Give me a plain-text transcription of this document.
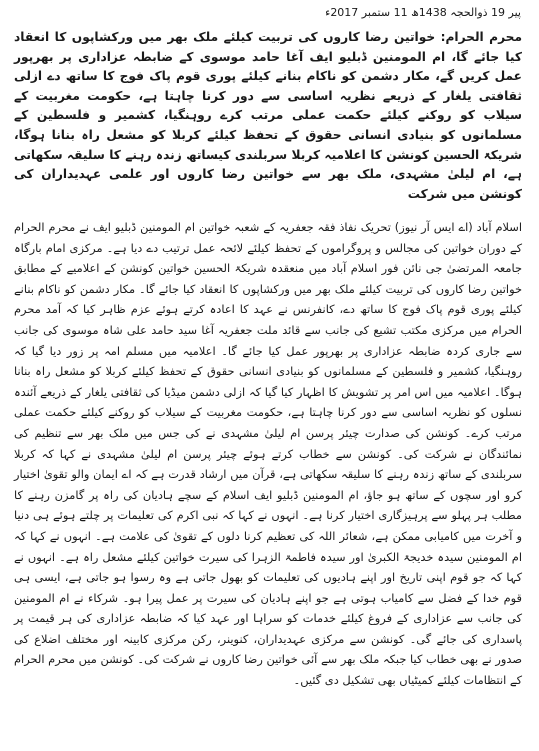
پیر 19 ذوالحجہ 1438ھ 11 ستمبر 2017ء
محرم الحرام: خواتین رضا کاروں کی تربیت کیلئے ملک بھر میں ورکشاپوں کا انعقاد کیا جائے گا، ام المومنین ڈبلیو ایف آغا حامد موسوی کے ضابطہ عزاداری پر بھرپور عمل کریں گے، مکار دشمن کو ناکام بنانے کیلئے پوری قوم پاک فوج کا ساتھ دے ازلی ثقافتی یلغار کے ذریعے نظریہ اساسی سے دور کرنا چاہتا ہے، حکومت مغربیت کے سیلاب کو روکنے کیلئے حکمت عملی مرتب کرے روہنگیا، کشمیر و فلسطین کے مسلمانوں کو بنیادی انسانی حقوق کے تحفظ کیلئے کربلا کو مشعل راہ بنانا ہوگا، شریکۃ الحسین کونشن کا اعلامیہ کربلا سربلندی کیساتھ زندہ رہنے کا سلیقہ سکھاتی ہے، ام لیلیٰ مشہدی، ملک بھر سے خواتین رضا کاروں اور علمی عہدیداران کی کونشن میں شرکت
اسلام آباد (اے ایس آر نیوز) تحریک نفاذ فقہ جعفریہ کے شعبہ خواتین ام المومنین ڈبلیو ایف نے محرم الحرام کے دوران خواتین کی مجالس و پروگراموں کے تحفظ کیلئے لائحہ عمل ترتیب دے دیا ہے۔ مرکزی امام بارگاہ جامعہ المرتضیٰ جی نائن فور اسلام آباد میں منعقدہ شریکۃ الحسین خواتین کونشن کے اعلامیے کے مطابق خواتین رضا کاروں کی تربیت کیلئے ملک بھر میں ورکشاپوں کا انعقاد کیا جائے گا۔ مکار دشمن کو ناکام بنانے کیلئے پوری قوم پاک فوج کا ساتھ دے، کانفرنس نے عہد کا اعادہ کرتے ہوئے عزم ظاہر کیا کہ آمد محرم الحرام میں مرکزی مکتب تشیع کی جانب سے قائد ملت جعفریہ آغا سید حامد علی شاہ موسوی کی جانب سے جاری کردہ ضابطہ عزاداری پر بھرپور عمل کیا جائے گا۔ اعلامیہ میں مسلم امہ پر زور دیا گیا کہ روہنگیا، کشمیر و فلسطین کے مسلمانوں کو بنیادی انسانی حقوق کے تحفظ کیلئے کربلا کو مشعل راہ بنانا ہوگا۔ اعلامیہ میں اس امر پر تشویش کا اظہار کیا گیا کہ ازلی دشمن میڈیا کی ثقافتی یلغار کے ذریعے آئندہ نسلوں کو نظریہ اساسی سے دور کرنا چاہتا ہے، حکومت مغربیت کے سیلاب کو روکنے کیلئے حکمت عملی مرتب کرے۔ کونشن کی صدارت چیئر پرسن ام لیلیٰ مشہدی نے کی جس میں ملک بھر سے تنظیم کی نمائندگان نے شرکت کی۔ کونشن سے خطاب کرتے ہوئے چیئر پرسن ام لیلیٰ مشہدی نے کہا کہ کربلا سربلندی کے ساتھ زندہ رہنے کا سلیقہ سکھاتی ہے، قرآن میں ارشاد قدرت ہے کہ اے ایمان والو تقویٰ اختیار کرو اور سچوں کے ساتھ ہو جاؤ، ام المومنین ڈبلیو ایف اسلام کے سچے ہادیان کی راہ پر گامزن رہنے کا مطلب ہر پہلو سے پرہیزگاری اختیار کرنا ہے۔ انہوں نے کہا کہ نبی اکرم کی تعلیمات پر چلتے ہوئے ہی دنیا و آخرت میں کامیابی ممکن ہے، شعائر اللہ کی تعظیم کرنا دلوں کے تقویٰ کی علامت ہے۔ انہوں نے کہا کہ ام المومنین سیدہ خدیجۃ الکبریٰ اور سیدہ فاطمۃ الزہرا کی سیرت خواتین کیلئے مشعل راہ ہے۔ انہوں نے کہا کہ جو قوم اپنی تاریخ اور اپنے ہادیوں کی تعلیمات کو بھول جاتی ہے وہ رسوا ہو جاتی ہے، ایسی ہی قوم خدا کے فضل سے کامیاب ہوتی ہے جو اپنے ہادیان کی سیرت پر عمل پیرا ہو۔ شرکاء نے ام المومنین کی جانب سے عزاداری کے فروغ کیلئے خدمات کو سراہا اور عہد کیا کہ ضابطہ عزاداری کی ہر قیمت پر پاسداری کی جائے گی۔ کونشن سے مرکزی عہدیداران، کنوینر، رکن مرکزی کابینہ اور مختلف اضلاع کی صدور نے بھی خطاب کیا جبکہ ملک بھر سے آئی خواتین رضا کاروں نے شرکت کی۔ کونشن میں محرم الحرام کے انتظامات کیلئے کمیٹیاں بھی تشکیل دی گئیں۔
